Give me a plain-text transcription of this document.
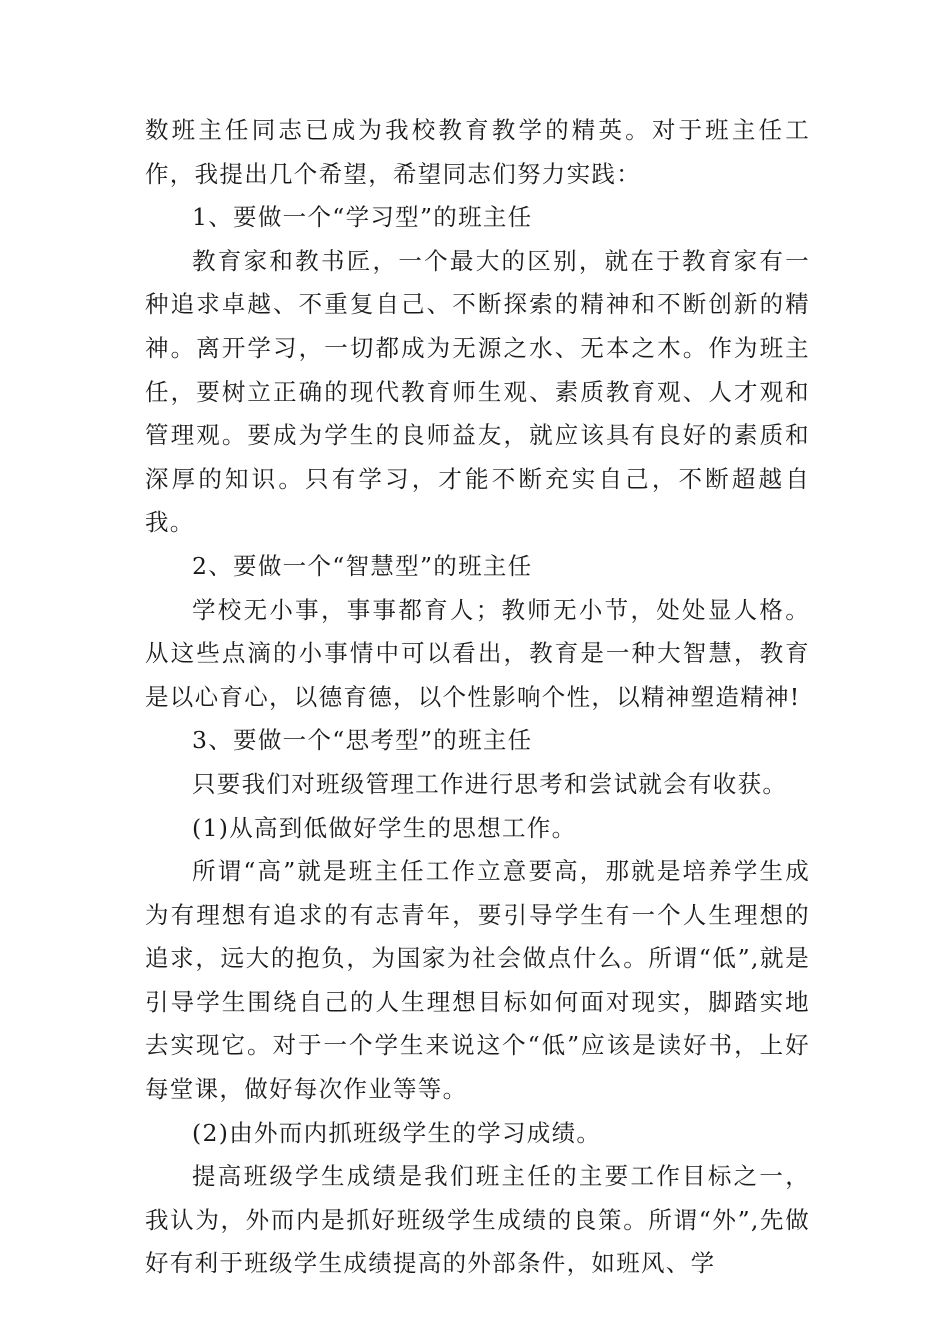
数班主任同志已成为我校教育教学的精英。对于班主任工作，我提出几个希望，希望同志们努力实践：

1、要做一个“学习型”的班主任

教育家和教书匠，一个最大的区别，就在于教育家有一种追求卓越、不重复自己、不断探索的精神和不断创新的精神。离开学习，一切都成为无源之水、无本之木。作为班主任，要树立正确的现代教育师生观、素质教育观、人才观和管理观。要成为学生的良师益友，就应该具有良好的素质和深厚的知识。只有学习，才能不断充实自己，不断超越自我。

2、要做一个“智慧型”的班主任

学校无小事，事事都育人；教师无小节，处处显人格。从这些点滴的小事情中可以看出，教育是一种大智慧，教育是以心育心，以德育德，以个性影响个性，以精神塑造精神!

3、要做一个“思考型”的班主任

只要我们对班级管理工作进行思考和尝试就会有收获。

(1)从高到低做好学生的思想工作。

所谓“高”就是班主任工作立意要高，那就是培养学生成为有理想有追求的有志青年，要引导学生有一个人生理想的追求，远大的抱负，为国家为社会做点什么。所谓“低”,就是引导学生围绕自己的人生理想目标如何面对现实，脚踏实地去实现它。对于一个学生来说这个“低”应该是读好书，上好每堂课，做好每次作业等等。

(2)由外而内抓班级学生的学习成绩。

提高班级学生成绩是我们班主任的主要工作目标之一，我认为，外而内是抓好班级学生成绩的良策。所谓“外”,先做好有利于班级学生成绩提高的外部条件，如班风、学
